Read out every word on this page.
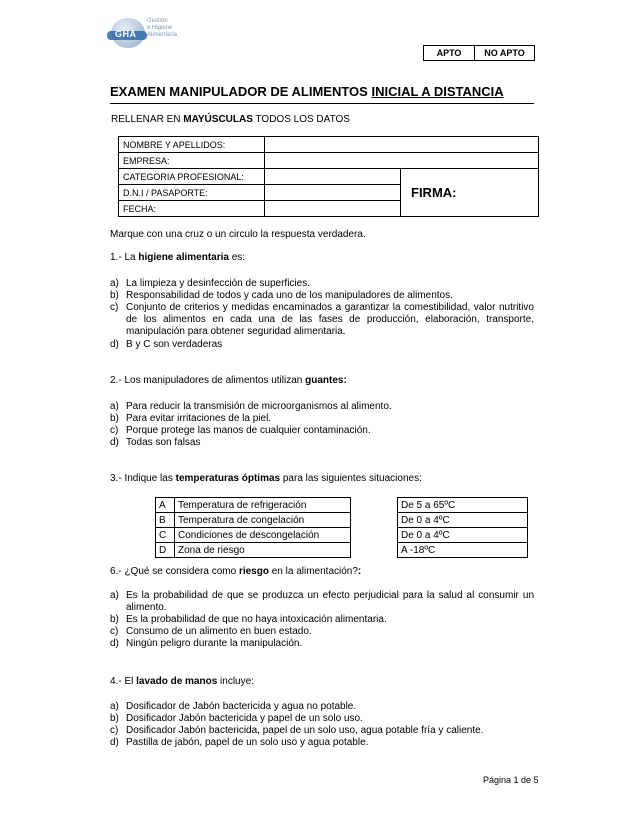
GHA
Gestión
e Higiene
Alimentaria
APTO	NO APTO
EXAMEN MANIPULADOR DE ALIMENTOS INICIAL A DISTANCIA
RELLENAR EN MAYÚSCULAS TODOS LOS DATOS
NOMBRE Y APELLIDOS:		
EMPRESA:		
CATEGORIA PROFESIONAL:		FIRMA:
D.N.I / PASAPORTE:		
FECHA:		
Marque con una cruz o un circulo la respuesta verdadera.
1.- La higiene alimentaria es:
a) La limpieza y desinfección de superficies.
b) Responsabilidad de todos y cada uno de los manipuladores de alimentos.
c) Conjunto de criterios y medidas encaminados a garantizar la comestibilidad, valor nutritivo de los alimentos en cada una de las fases de producción, elaboración, transporte, manipulación para obtener seguridad alimentaria.
d) B y C son verdaderas
2.- Los manipuladores de alimentos utilizan guantes:
a) Para reducir la transmisión de microorganismos al alimento.
b) Para evitar irritaciones de la piel.
c) Porque protege las manos de cualquier contaminación.
d) Todas son falsas
3.- Indique las temperaturas óptimas para las siguientes situaciones:
A	Temperatura de refrigeración		De 5 a 65ºC
B	Temperatura de congelación		De 0 a 4ºC
C	Condiciones de descongelación		De 0 a 4ºC
D	Zona de riesgo		A -18ºC
6.- ¿Qué se considera como riesgo en la alimentación?:
a) Es la probabilidad de que se produzca un efecto perjudicial para la salud al consumir un alimento.
b) Es la probabilidad de que no haya intoxicación alimentaria.
c) Consumo de un alimento en buen estado.
d) Ningún peligro durante la manipulación.
4.- El lavado de manos incluye:
a) Dosificador de Jabón bactericida y agua no potable.
b) Dosificador Jabón bactericida y papel de un solo uso.
c) Dosificador Jabón bactericida, papel de un solo uso, agua potable fría y caliente.
d) Pastilla de jabón, papel de un solo uso y agua potable.
Página 1 de 5
